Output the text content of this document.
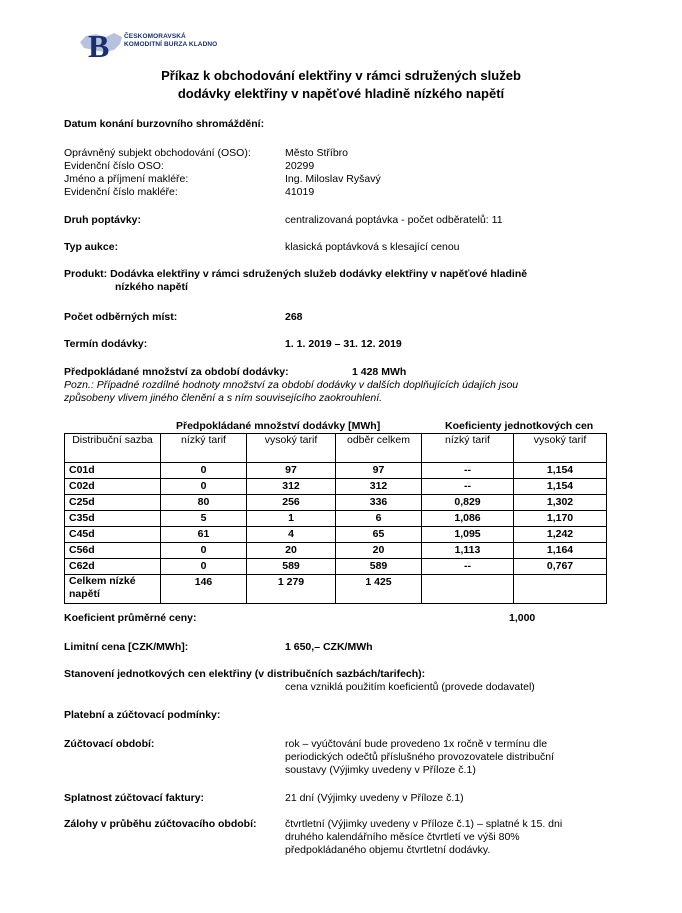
B ČESKOMORAVSKÁ
KOMODITNÍ BURZA KLADNO
Příkaz k obchodování elektřiny v rámci sdružených služeb
dodávky elektřiny v napěťové hladině nízkého napětí
Datum konání burzovního shromáždění:
Oprávněný subjekt obchodování (OSO):	Město Stříbro
Evidenční číslo OSO:	20299
Jméno a příjmení makléře:	Ing. Miloslav Ryšavý
Evidenční číslo makléře:	41019
Druh poptávky:	centralizovaná poptávka - počet odběratelů: 11
Typ aukce:	klasická poptávková s klesající cenou
Produkt: Dodávka elektřiny v rámci sdružených služeb dodávky elektřiny v napěťové hladině
nízkého napětí
Počet odběrných míst:	268
Termín dodávky:	1. 1. 2019 – 31. 12. 2019
Předpokládané množství za období dodávky:	1 428 MWh
Pozn.: Případné rozdílné hodnoty množství za období dodávky v dalších doplňujících údajích jsou způsobeny vlivem jiného členění a s ním souvisejícího zaokrouhlení.
Předpokládané množství dodávky [MWh]	Koeficienty jednotkových cen
Distribuční sazba	nízký tarif	vysoký tarif	odběr celkem	nízký tarif	vysoký tarif
C01d	0	97	97	--	1,154
C02d	0	312	312	--	1,154
C25d	80	256	336	0,829	1,302
C35d	5	1	6	1,086	1,170
C45d	61	4	65	1,095	1,242
C56d	0	20	20	1,113	1,164
C62d	0	589	589	--	0,767
Celkem nízké napětí	146	1 279	1 425		
Koeficient průměrné ceny:	1,000
Limitní cena [CZK/MWh]:	1 650,– CZK/MWh
Stanovení jednotkových cen elektřiny (v distribučních sazbách/tarifech):
cena vzniklá použitím koeficientů (provede dodavatel)
Platební a zúčtovací podmínky:
Zúčtovací období:	rok – vyúčtování bude provedeno 1x ročně v termínu dle periodických odečtů příslušného provozovatele distribuční soustavy (Výjimky uvedeny v Příloze č.1)
Splatnost zúčtovací faktury:	21 dní (Výjimky uvedeny v Příloze č.1)
Zálohy v průběhu zúčtovacího období:	čtvrtletní (Výjimky uvedeny v Příloze č.1) – splatné k 15. dni druhého kalendářního měsíce čtvrtletí ve výši 80% předpokládaného objemu čtvrtletní dodávky.
